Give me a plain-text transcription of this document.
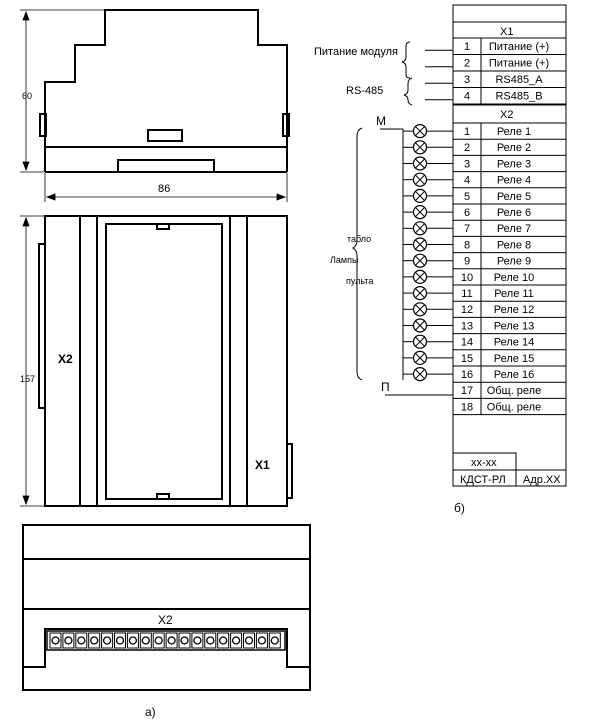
60
86
X2
X1
157
X2
а)
X1
1 Питание (+)
2 Питание (+)
3 RS485_A
4 RS485_B
X2
1 Реле 1
2 Реле 2
3 Реле 3
4 Реле 4
5 Реле 5
6 Реле 6
7 Реле 7
8 Реле 8
9 Реле 9
10 Реле 10
11 Реле 11
12 Реле 12
13 Реле 13
14 Реле 14
15 Реле 15
16 Реле 16
17 Общ. реле
18 Общ. реле
хх-хх
КДСТ-РЛ Адр.XX
Питание модуля
RS-485
табло
Лампы
пульта
М
П
б)
